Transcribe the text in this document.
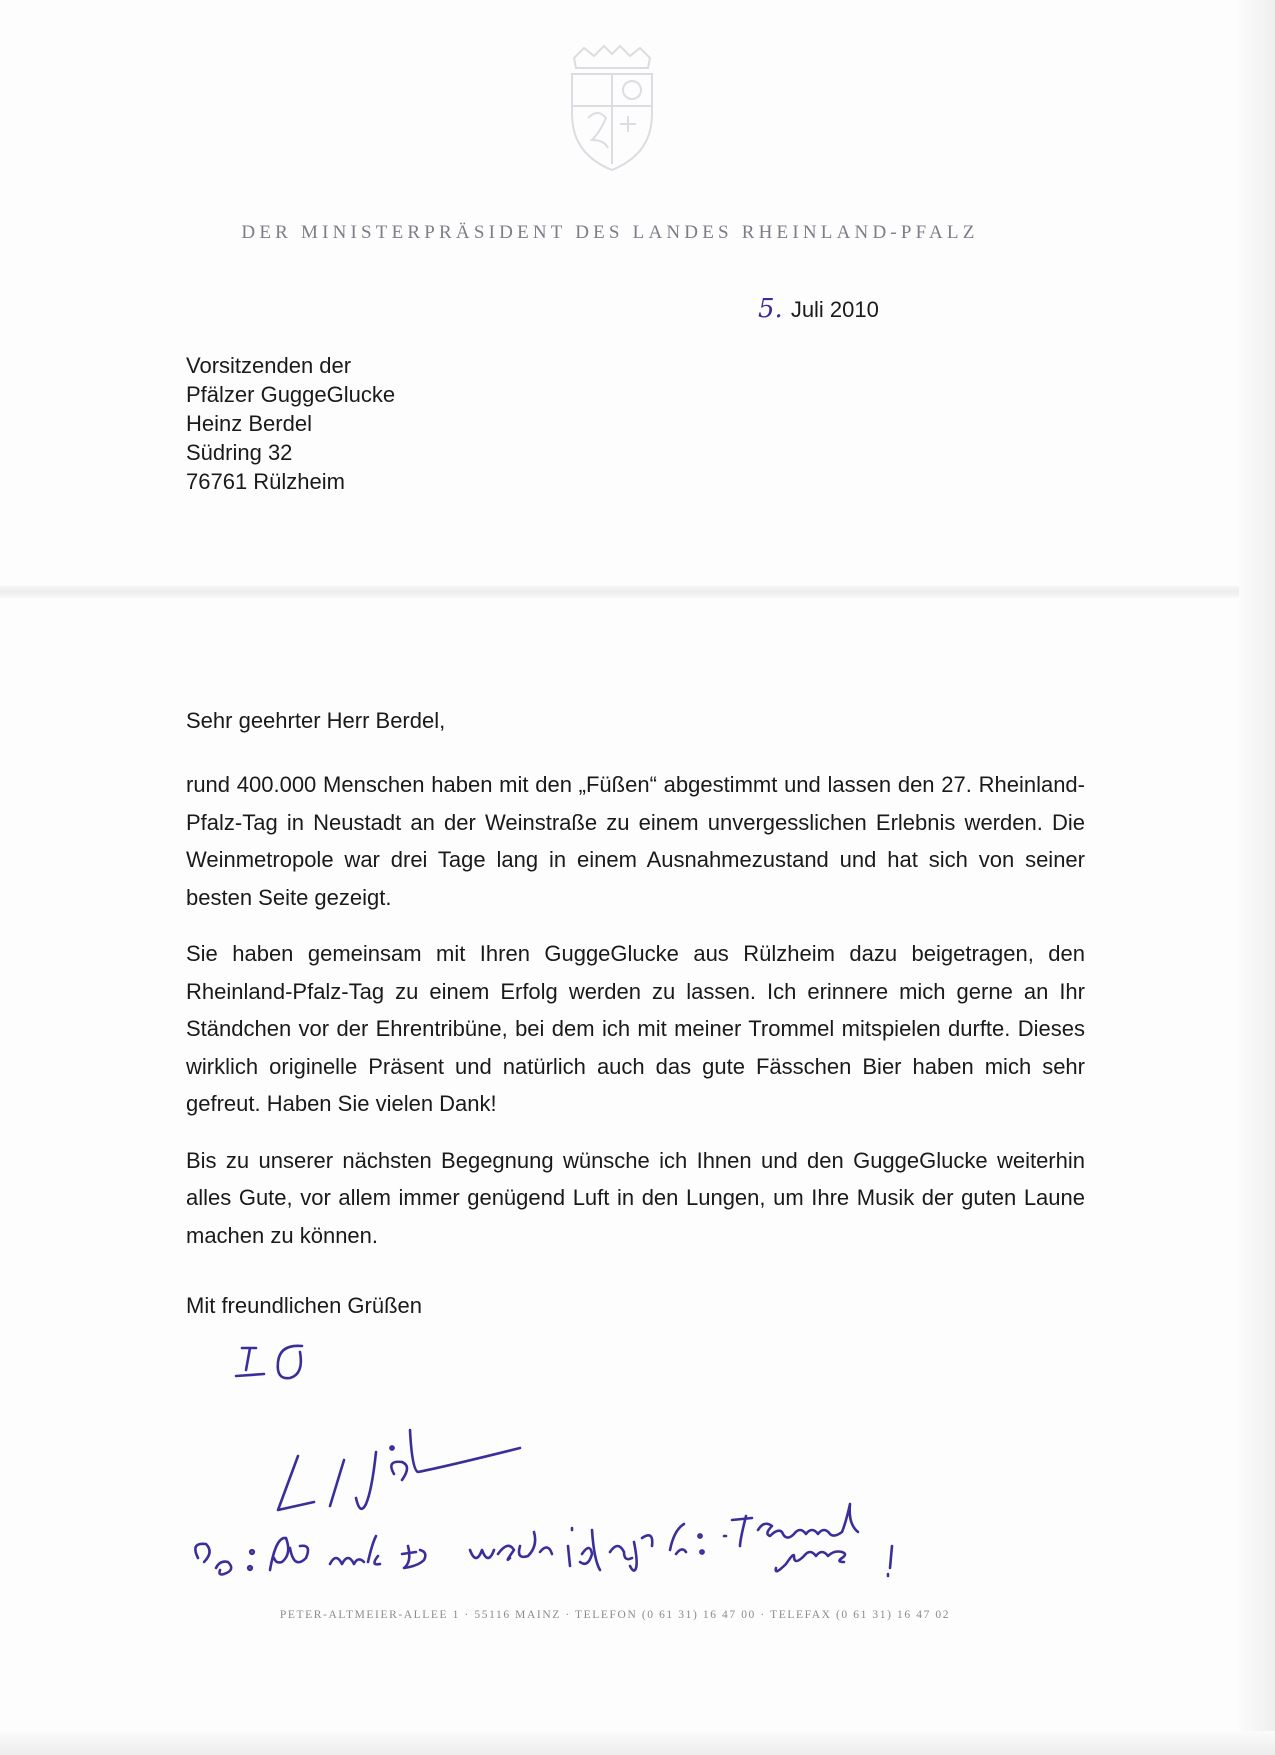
DER MINISTERPRÄSIDENT DES LANDES RHEINLAND-PFALZ
5. Juli 2010
Vorsitzenden der
Pfälzer GuggeGlucke
Heinz Berdel
Südring 32
76761 Rülzheim
Sehr geehrter Herr Berdel,

rund 400.000 Menschen haben mit den „Füßen“ abgestimmt und lassen den 27. Rheinland-Pfalz-Tag in Neustadt an der Weinstraße zu einem unvergesslichen Erlebnis werden. Die Weinmetropole war drei Tage lang in einem Ausnahmezustand und hat sich von seiner besten Seite gezeigt.

Sie haben gemeinsam mit Ihren GuggeGlucke aus Rülzheim dazu beigetragen, den Rheinland-Pfalz-Tag zu einem Erfolg werden zu lassen. Ich erinnere mich gerne an Ihr Ständchen vor der Ehrentribüne, bei dem ich mit meiner Trommel mitspielen durfte. Dieses wirklich originelle Präsent und natürlich auch das gute Fässchen Bier haben mich sehr gefreut. Haben Sie vielen Dank!

Bis zu unserer nächsten Begegnung wünsche ich Ihnen und den GuggeGlucke weiterhin alles Gute, vor allem immer genügend Luft in den Lungen, um Ihre Musik der guten Laune machen zu können.

Mit freundlichen Grüßen
PETER-ALTMEIER-ALLEE 1 · 55116 MAINZ · TELEFON (0 61 31) 16 47 00 · TELEFAX (0 61 31) 16 47 02
